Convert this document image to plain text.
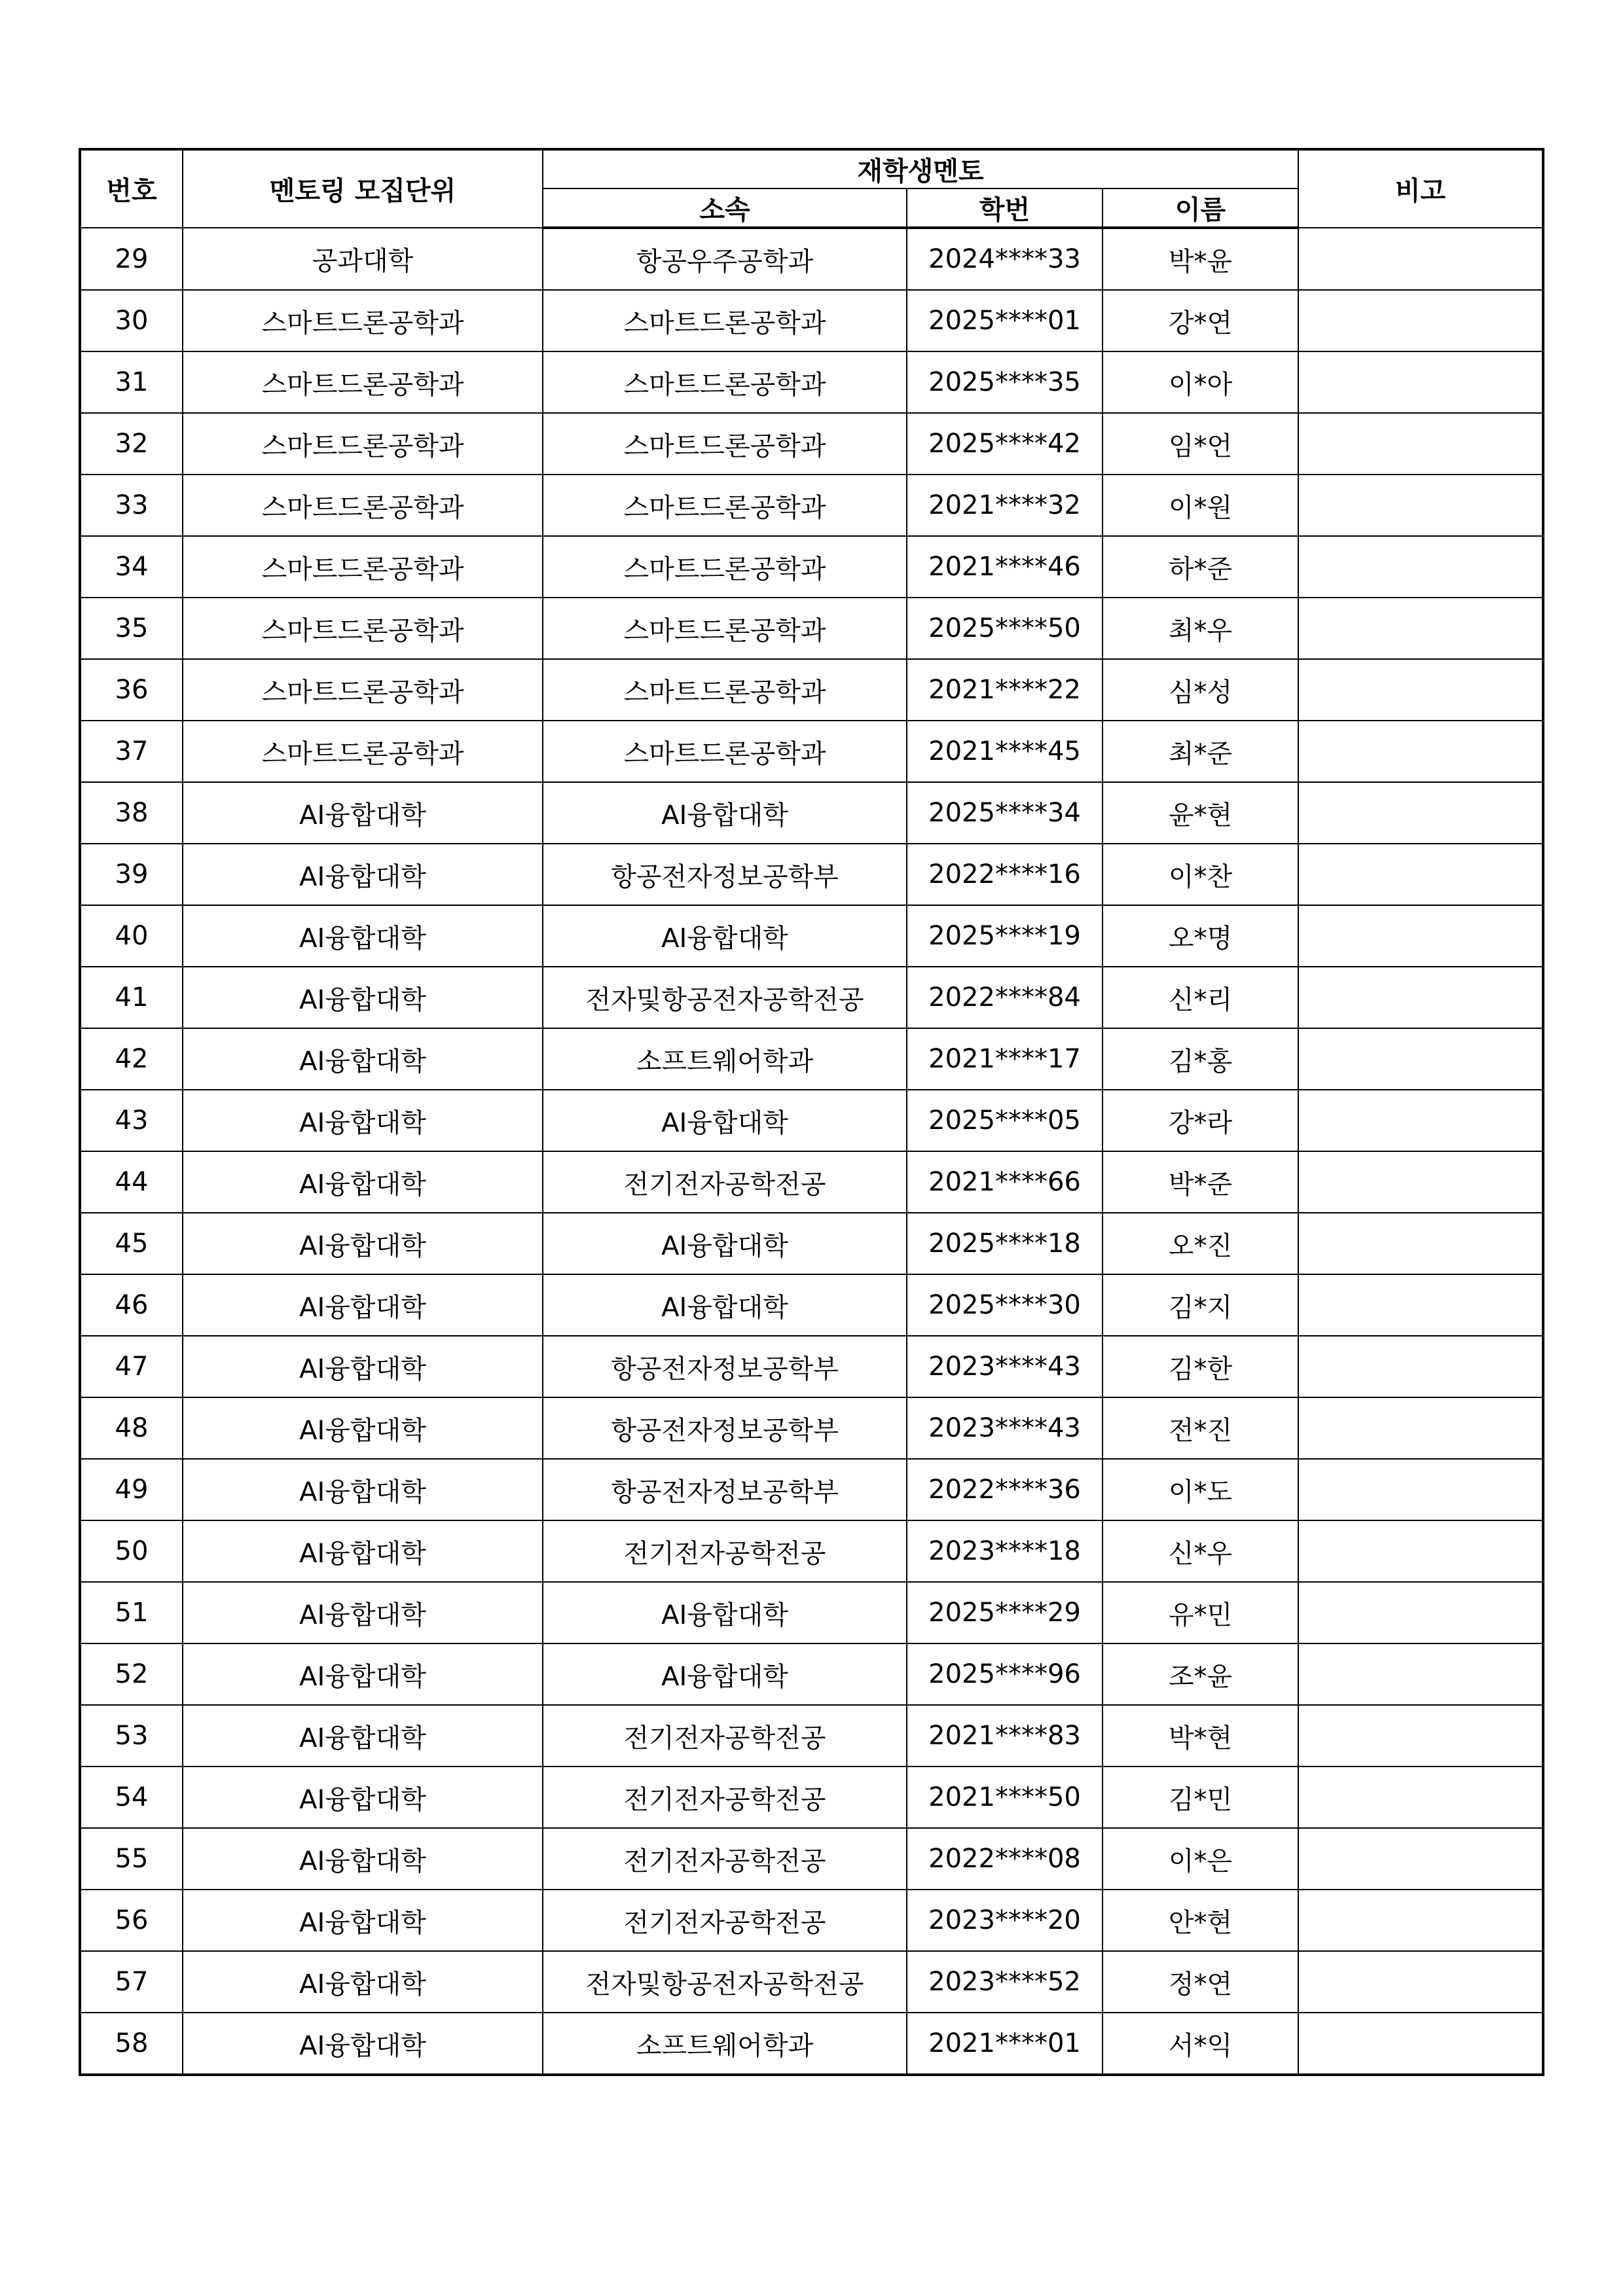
번호	멘토링 모집단위	재학생멘토			비고
		소속	학번	이름	
29	공과대학	항공우주공학과	2024****33	박*윤	
30	스마트드론공학과	스마트드론공학과	2025****01	강*연	
31	스마트드론공학과	스마트드론공학과	2025****35	이*아	
32	스마트드론공학과	스마트드론공학과	2025****42	임*언	
33	스마트드론공학과	스마트드론공학과	2021****32	이*원	
34	스마트드론공학과	스마트드론공학과	2021****46	하*준	
35	스마트드론공학과	스마트드론공학과	2025****50	최*우	
36	스마트드론공학과	스마트드론공학과	2021****22	심*성	
37	스마트드론공학과	스마트드론공학과	2021****45	최*준	
38	AI융합대학	AI융합대학	2025****34	윤*현	
39	AI융합대학	항공전자정보공학부	2022****16	이*찬	
40	AI융합대학	AI융합대학	2025****19	오*명	
41	AI융합대학	전자및항공전자공학전공	2022****84	신*리	
42	AI융합대학	소프트웨어학과	2021****17	김*홍	
43	AI융합대학	AI융합대학	2025****05	강*라	
44	AI융합대학	전기전자공학전공	2021****66	박*준	
45	AI융합대학	AI융합대학	2025****18	오*진	
46	AI융합대학	AI융합대학	2025****30	김*지	
47	AI융합대학	항공전자정보공학부	2023****43	김*한	
48	AI융합대학	항공전자정보공학부	2023****43	전*진	
49	AI융합대학	항공전자정보공학부	2022****36	이*도	
50	AI융합대학	전기전자공학전공	2023****18	신*우	
51	AI융합대학	AI융합대학	2025****29	유*민	
52	AI융합대학	AI융합대학	2025****96	조*윤	
53	AI융합대학	전기전자공학전공	2021****83	박*현	
54	AI융합대학	전기전자공학전공	2021****50	김*민	
55	AI융합대학	전기전자공학전공	2022****08	이*은	
56	AI융합대학	전기전자공학전공	2023****20	안*현	
57	AI융합대학	전자및항공전자공학전공	2023****52	정*연	
58	AI융합대학	소프트웨어학과	2021****01	서*익	
